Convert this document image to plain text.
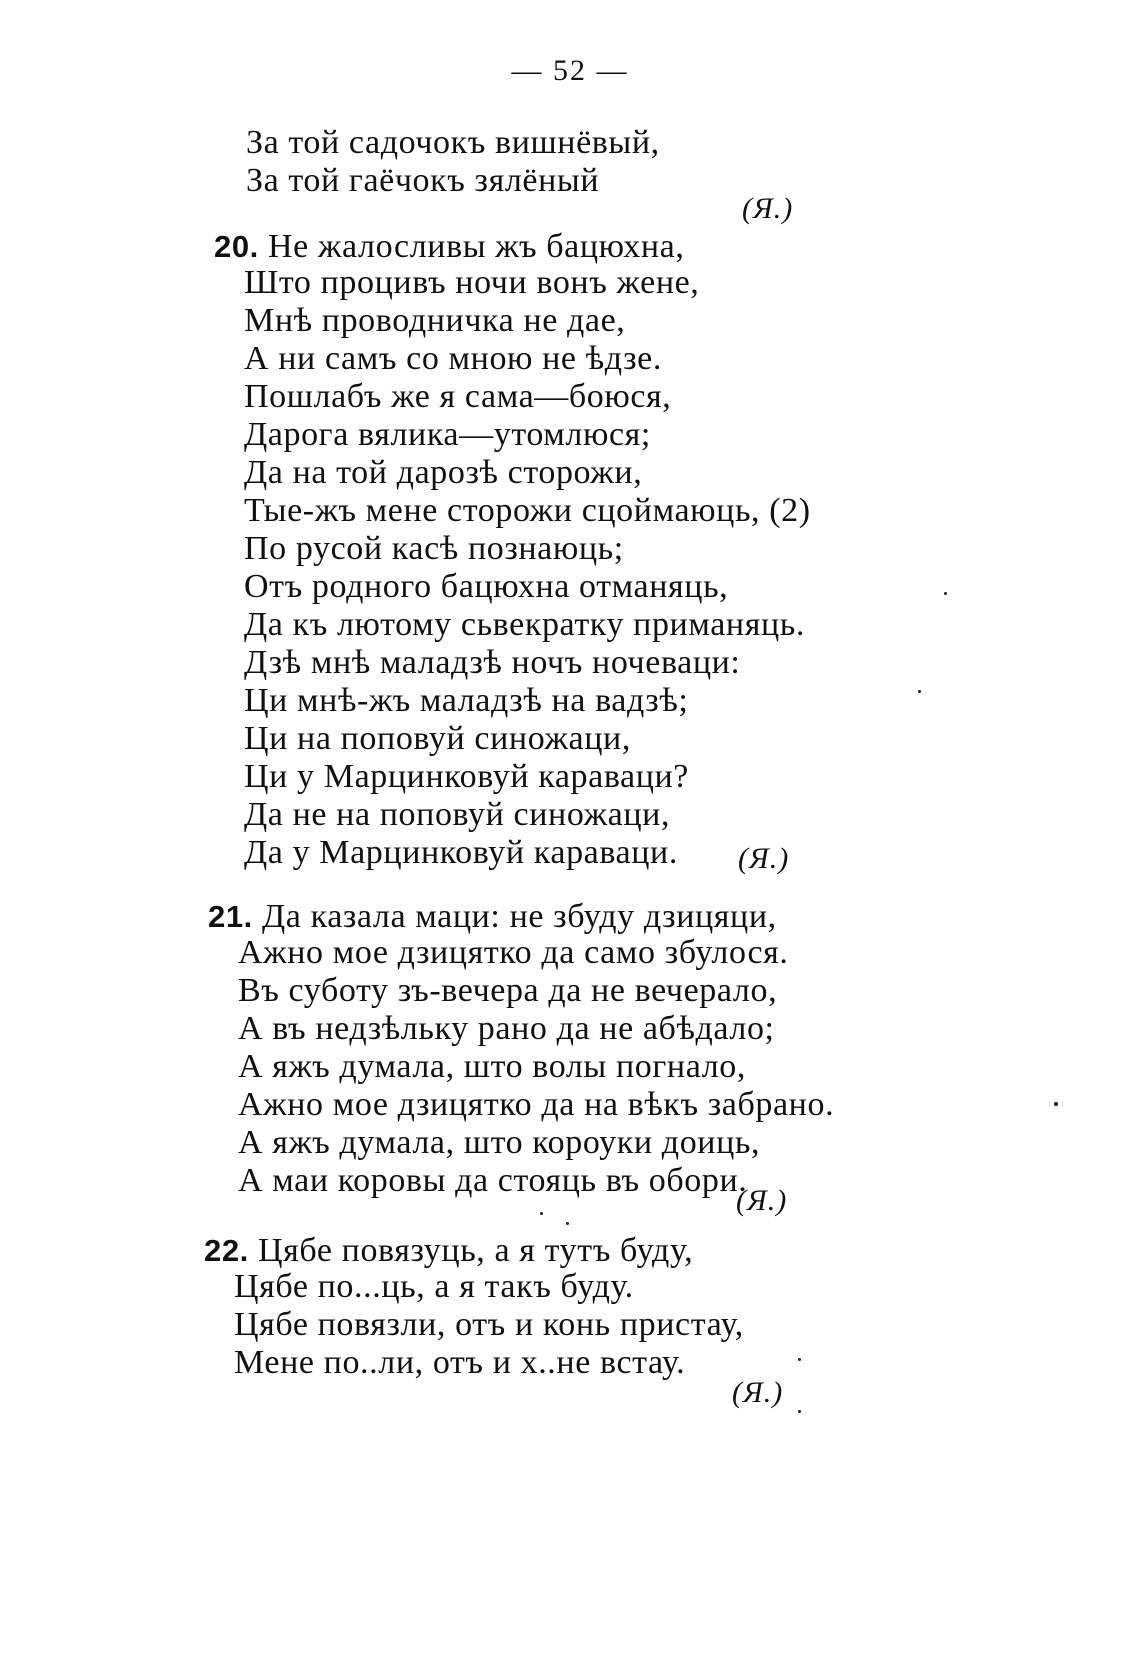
— 52 —
За той садочокъ вишнёвый,
За той гаёчокъ зялёный
(Я.)
20. Не жалосливы жъ бацюхна,
Што процивъ ночи вонъ жене,
Мнѣ проводничка не дае,
А ни самъ со мною не ѣдзе.
Пошлабъ же я сама—боюся,
Дарога вялика—утомлюся;
Да на той дарозѣ сторожи,
Тые-жъ мене сторожи сцоймаюць, (2)
По русой касѣ познаюць;
Отъ родного бацюхна отманяць,
Да къ лютому сьвекратку приманяць.
Дзѣ мнѣ маладзѣ ночъ ночеваци:
Ци мнѣ-жъ маладзѣ на вадзѣ;
Ци на поповуй синожаци,
Ци у Марцинковуй караваци?
Да не на поповуй синожаци,
Да у Марцинковуй караваци.	(Я.)
21. Да казала маци: не збуду дзицяци,
Ажно мое дзицятко да само збулося.
Въ суботу зъ-вечера да не вечерало,
А въ недзѣльку рано да не абѣдало;
А яжъ думала, што волы погнало,
Ажно мое дзицятко да на вѣкъ забрано.
А яжъ думала, што короуки доиць,
А маи коровы да стояць въ обори.
(Я.)
22. Цябе повязуць, а я тутъ буду,
Цябе по...ць, а я такъ буду.
Цябе повязли, отъ и конь пристау,
Мене по..ли, отъ и х..не встау.
(Я.)
